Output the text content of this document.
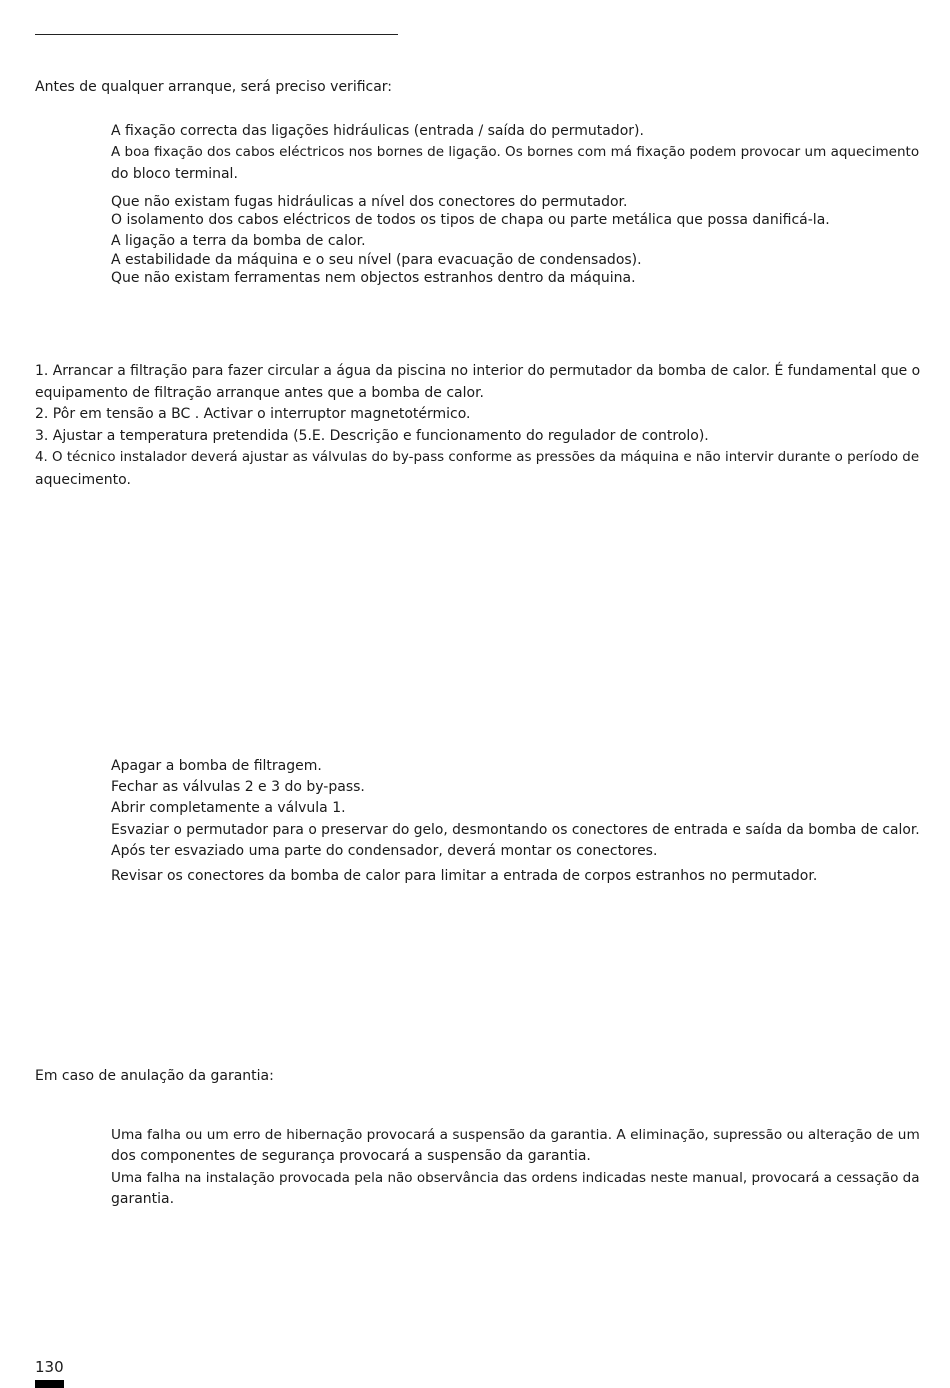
Antes de qualquer arranque, será preciso verificar:
A fixação correcta das ligações hidráulicas (entrada / saída do permutador).
A boa fixação dos cabos eléctricos nos bornes de ligação. Os bornes com má fixação podem provocar um aquecimento
do bloco terminal.
Que não existam fugas hidráulicas a nível dos conectores do permutador.
O isolamento dos cabos eléctricos de todos os tipos de chapa ou parte metálica que possa danificá-la.
A ligação a terra da bomba de calor.
A estabilidade da máquina e o seu nível (para evacuação de condensados).
Que não existam ferramentas nem objectos estranhos dentro da máquina.
1. Arrancar a filtração para fazer circular a água da piscina no interior do permutador da bomba de calor. É fundamental que o
equipamento de filtração arranque antes que a bomba de calor.
2. Pôr em tensão a BC . Activar o interruptor magnetotérmico.
3. Ajustar a temperatura pretendida (5.E. Descrição e funcionamento do regulador de controlo).
4. O técnico instalador deverá ajustar as válvulas do by-pass conforme as pressões da máquina e não intervir durante o período de
aquecimento.
Apagar a bomba de filtragem.
Fechar as válvulas 2 e 3 do by-pass.
Abrir completamente a válvula 1.
Esvaziar o permutador para o preservar do gelo, desmontando os conectores de entrada e saída da bomba de calor.
Após ter esvaziado uma parte do condensador, deverá montar os conectores.
Revisar os conectores da bomba de calor para limitar a entrada de corpos estranhos no permutador.
Em caso de anulação da garantia:
Uma falha ou um erro de hibernação provocará a suspensão da garantia. A eliminação, supressão ou alteração de um
dos componentes de segurança provocará a suspensão da garantia.
Uma falha na instalação provocada pela não observância das ordens indicadas neste manual, provocará a cessação da
garantia.
130
